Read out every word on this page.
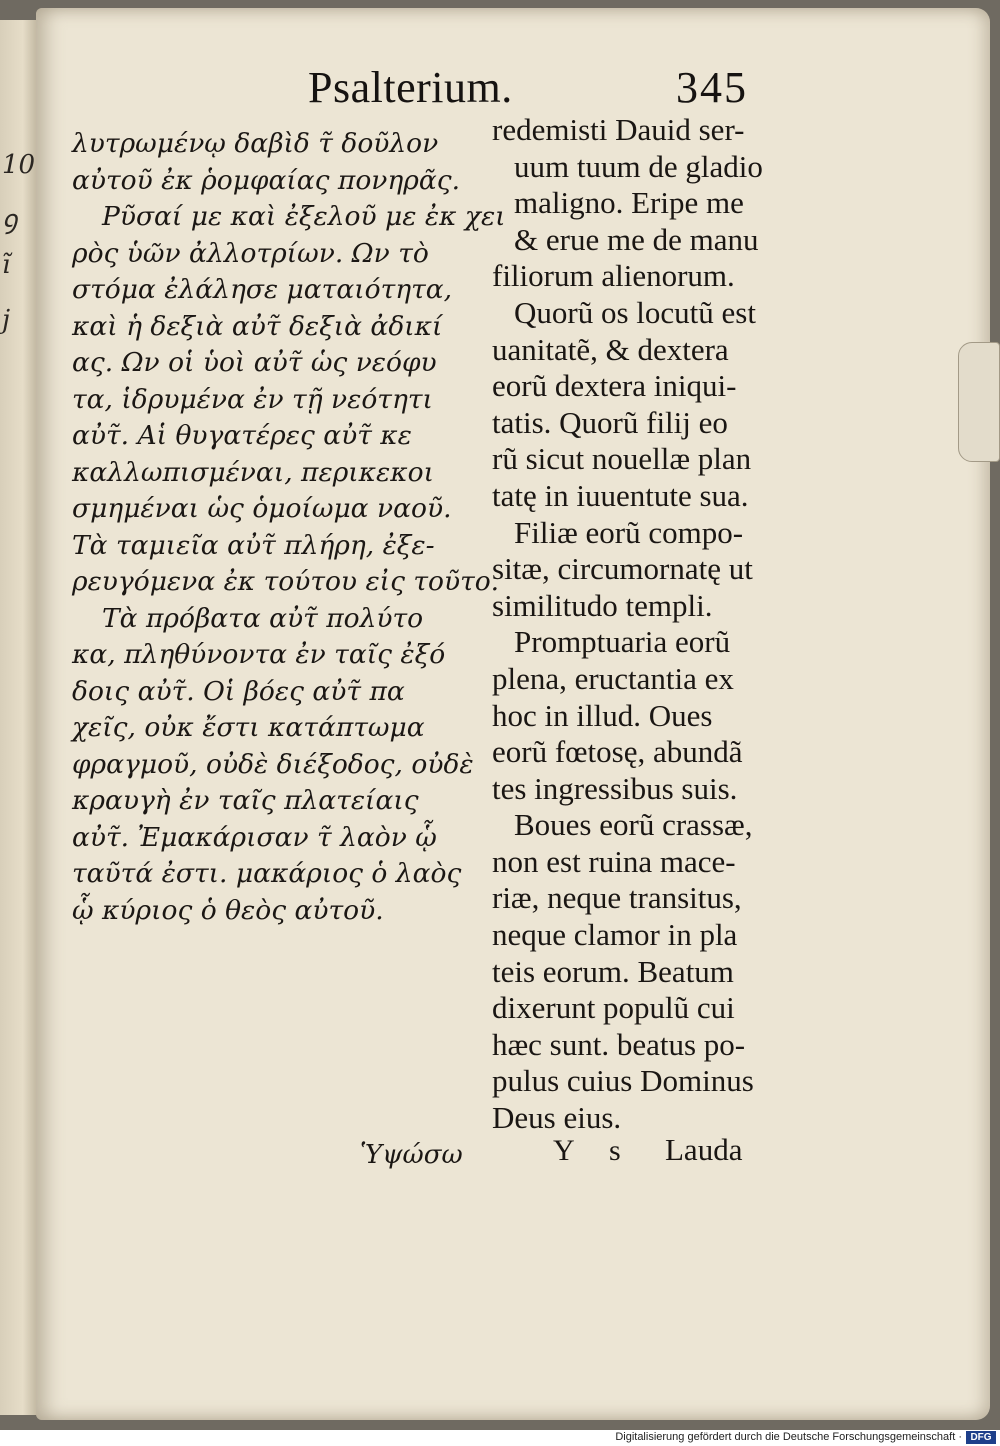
10
ꝯ
ĩ
j
Psalterium.	345
λυτρωμένῳ δαβὶδ τ̃ δοῦλον
αὐτοῦ ἐκ ῥομφαίας πονηρᾶς.
Ρῦσαί με καὶ ἐξελοῦ με ἐκ χει
ρὸς ὑῶν ἀλλοτρίων. Ων τὸ
στόμα ἐλάλησε ματαιότητα,
καὶ ἡ δεξιὰ αὐτ̃ δεξιὰ ἀδικί
ας. Ων οἱ ὑοὶ αὐτ̃ ὡς νεόφυ
τα, ἱδρυμένα ἐν τῇ νεότητι
αὐτ̃. Αἱ θυγατέρες αὐτ̃ κε
καλλωπισμέναι, περικεκοι
σμημέναι ὡς ὁμοίωμα ναοῦ.
Τὰ ταμιεῖα αὐτ̃ πλήρη, ἐξε-
ρευγόμενα ἐκ τούτου εἰς τοῦτο.
Τὰ πρόβατα αὐτ̃ πολύτο
κα, πληθύνοντα ἐν ταῖς ἐξό
δοις αὐτ̃. Οἱ βόες αὐτ̃ πα
χεῖς, οὐκ ἔστι κατάπτωμα
φραγμοῦ, οὐδὲ διέξοδος, οὐδὲ
κραυγὴ ἐν ταῖς πλατείαις
αὐτ̃. Ἐμακάρισαν τ̃ λαὸν ᾧ
ταῦτά ἐστι. μακάριος ὁ λαὸς
ᾧ κύριος ὁ θεὸς αὐτοῦ.
redemisti Dauid ser-
uum tuum de gladio
maligno. Eripe me
& erue me de manu
filiorum alienorum.
Quorũ os locutũ est
uanitatẽ, & dextera
eorũ dextera iniqui-
tatis. Quorũ filij eo
rũ sicut nouellæ plan
tatę in iuuentute sua.
Filiæ eorũ compo-
sitæ, circumornatę ut
similitudo templi.
Promptuaria eorũ
plena, eructantia ex
hoc in illud. Oues
eorũ fœtosę, abundã
tes ingressibus suis.
Boues eorũ crassæ,
non est ruina mace-
riæ, neque transitus,
neque clamor in pla
teis eorum. Beatum
dixerunt populũ cui
hæc sunt. beatus po-
pulus cuius Dominus
Deus eius.
Ὑψώσω	Y s Lauda
Digitalisierung gefördert durch die Deutsche Forschungsgemeinschaft · DFG
